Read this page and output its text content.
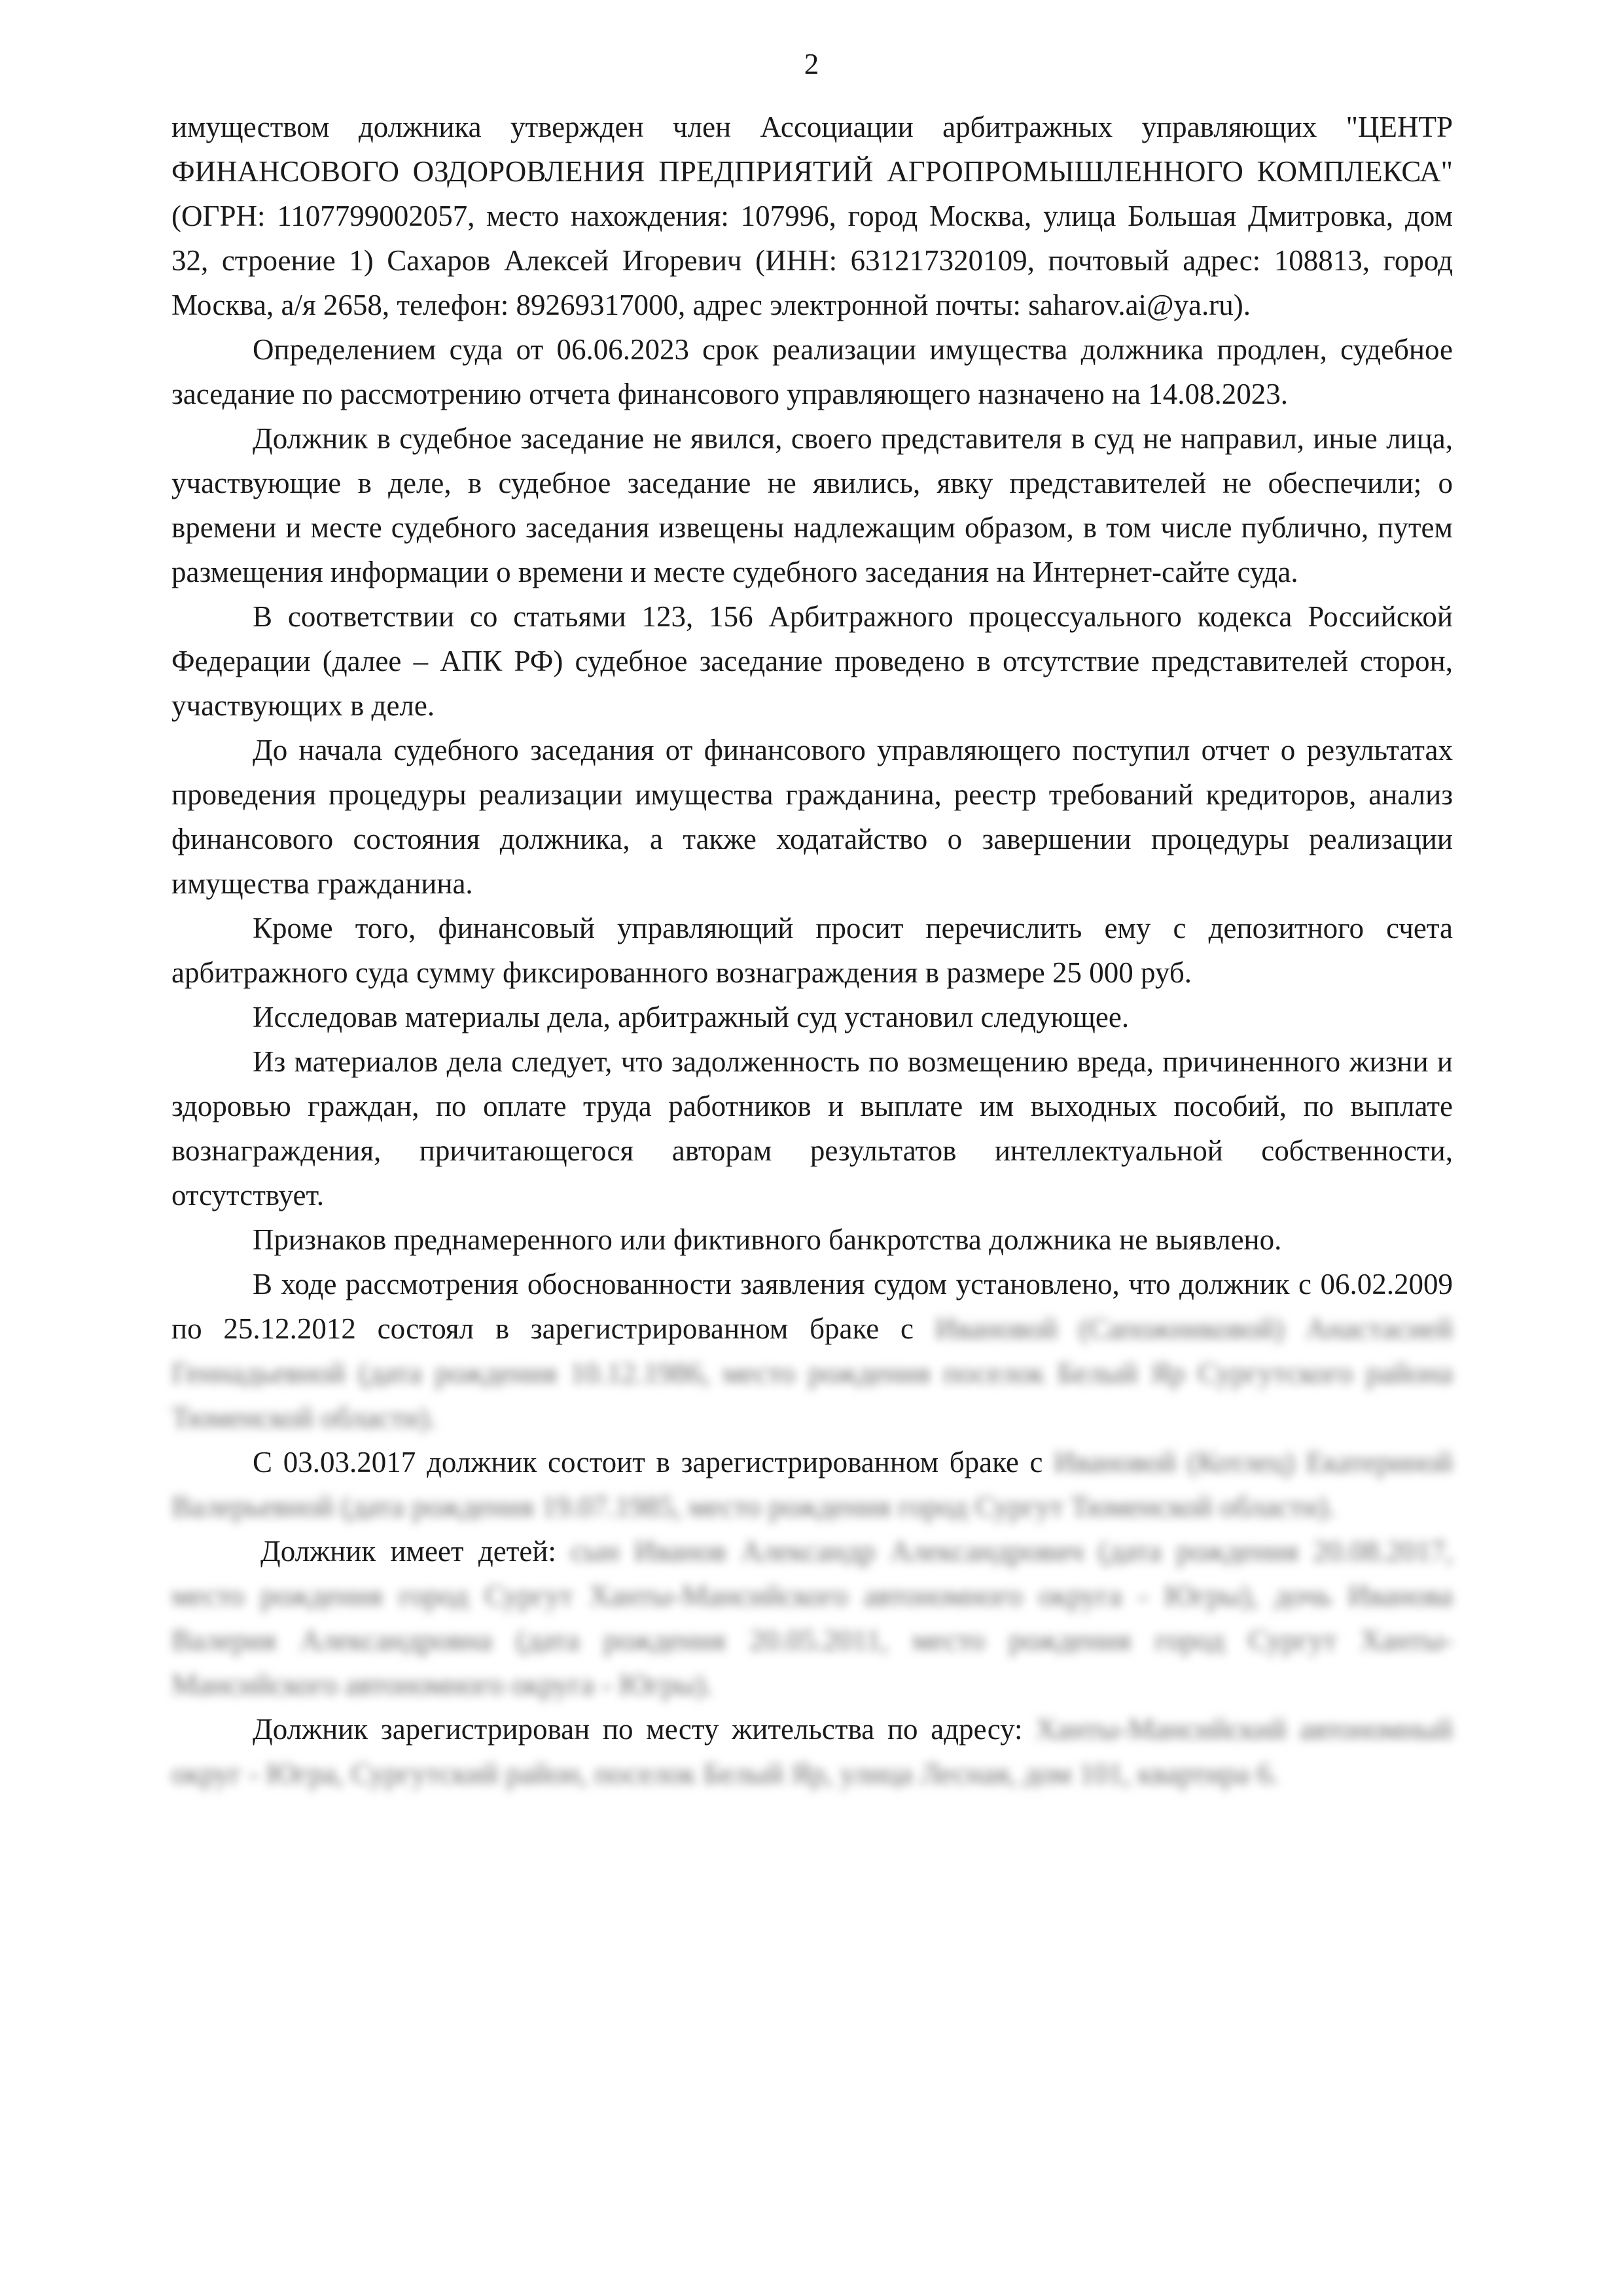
2

имуществом должника утвержден член Ассоциации арбитражных управляющих "ЦЕНТР ФИНАНСОВОГО ОЗДОРОВЛЕНИЯ ПРЕДПРИЯТИЙ АГРОПРОМЫШЛЕННОГО КОМПЛЕКСА" (ОГРН: 1107799002057, место нахождения: 107996, город Москва, улица Большая Дмитровка, дом 32, строение 1) Сахаров Алексей Игоревич (ИНН: 631217320109, почтовый адрес: 108813, город Москва, а/я 2658, телефон: 89269317000, адрес электронной почты: saharov.ai@ya.ru).

Определением суда от 06.06.2023 срок реализации имущества должника продлен, судебное заседание по рассмотрению отчета финансового управляющего назначено на 14.08.2023.

Должник в судебное заседание не явился, своего представителя в суд не направил, иные лица, участвующие в деле, в судебное заседание не явились, явку представителей не обеспечили; о времени и месте судебного заседания извещены надлежащим образом, в том числе публично, путем размещения информации о времени и месте судебного заседания на Интернет-сайте суда.

В соответствии со статьями 123, 156 Арбитражного процессуального кодекса Российской Федерации (далее – АПК РФ) судебное заседание проведено в отсутствие представителей сторон, участвующих в деле.

До начала судебного заседания от финансового управляющего поступил отчет о результатах проведения процедуры реализации имущества гражданина, реестр требований кредиторов, анализ финансового состояния должника, а также ходатайство о завершении процедуры реализации имущества гражданина.

Кроме того, финансовый управляющий просит перечислить ему с депозитного счета арбитражного суда сумму фиксированного вознаграждения в размере 25 000 руб.

Исследовав материалы дела, арбитражный суд установил следующее.

Из материалов дела следует, что задолженность по возмещению вреда, причиненного жизни и здоровью граждан, по оплате труда работников и выплате им выходных пособий, по выплате вознаграждения, причитающегося авторам результатов интеллектуальной собственности, отсутствует.

Признаков преднамеренного или фиктивного банкротства должника не выявлено.

В ходе рассмотрения обоснованности заявления судом установлено, что должник с 06.02.2009 по 25.12.2012 состоял в зарегистрированном браке с Ивановой (Сапожниковой) Анастасией Геннадьевной (дата рождения 10.12.1986, место рождения поселок Белый Яр Сургутского района Тюменской области).

С 03.03.2017 должник состоит в зарегистрированном браке с Ивановой (Котлец) Екатериной Валерьевной (дата рождения 19.07.1985, место рождения город Сургут Тюменской области).

Должник имеет детей: сын Иванов Александр Александрович (дата рождения 20.08.2017, место рождения город Сургут Ханты-Мансийского автономного округа - Югры), дочь Иванова Валерия Александровна (дата рождения 20.05.2011, место рождения город Сургут Ханты-Мансийского автономного округа - Югры).

Должник зарегистрирован по месту жительства по адресу: Ханты-Мансийский автономный округ - Югра, Сургутский район, поселок Белый Яр, улица Лесная, дом 101, квартира 6.
